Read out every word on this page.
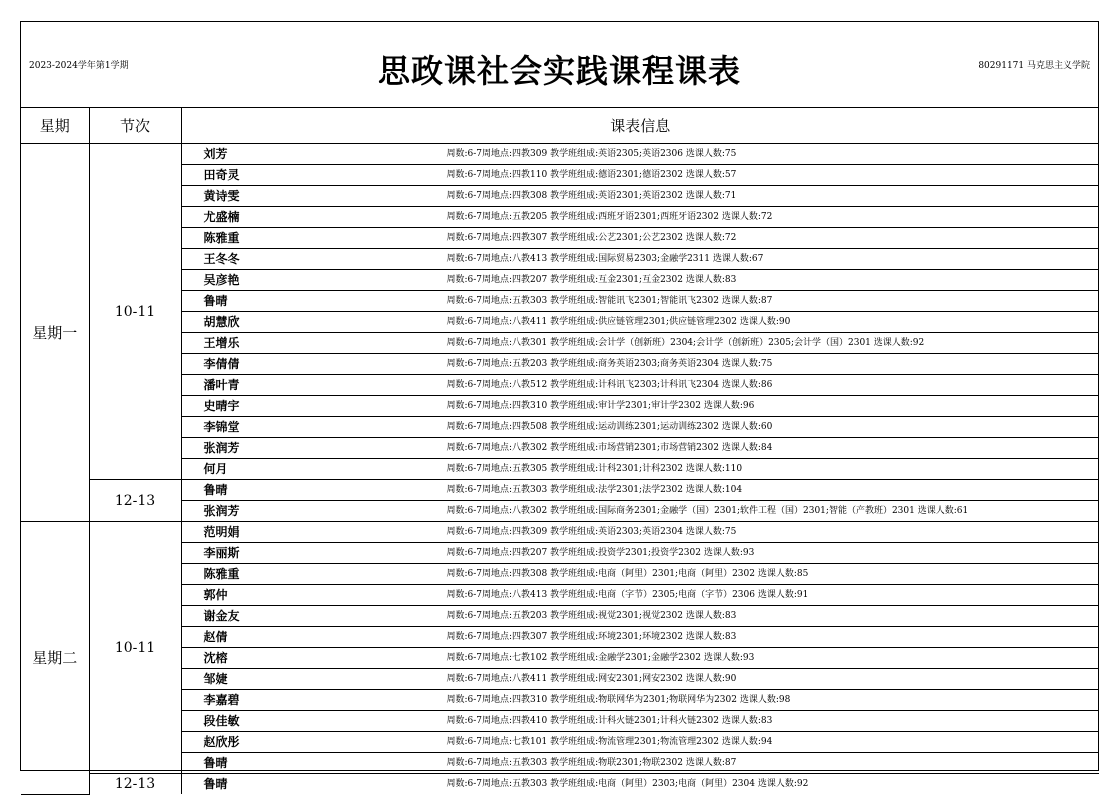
2023-2024学年第1学期	思政课社会实践课程课表	80291171 马克思主义学院
星期	节次	课表信息
星期一	10-11	刘芳 周数:6-7周地点:四教309 教学班组成:英语2305;英语2306 选课人数:75
		田奇灵 周数:6-7周地点:四教110 教学班组成:德语2301;德语2302 选课人数:57
		黄诗雯 周数:6-7周地点:四教308 教学班组成:英语2301;英语2302 选课人数:71
		尤盛楠 周数:6-7周地点:五教205 教学班组成:西班牙语2301;西班牙语2302 选课人数:72
		陈雅重 周数:6-7周地点:四教307 教学班组成:公艺2301;公艺2302 选课人数:72
		王冬冬 周数:6-7周地点:八教413 教学班组成:国际贸易2303;金融学2311 选课人数:67
		吴彦艳 周数:6-7周地点:四教207 教学班组成:互金2301;互金2302 选课人数:83
		鲁晴 周数:6-7周地点:五教303 教学班组成:智能讯飞2301;智能讯飞2302 选课人数:87
		胡慧欣 周数:6-7周地点:八教411 教学班组成:供应链管理2301;供应链管理2302 选课人数:90
		王增乐 周数:6-7周地点:八教301 教学班组成:会计学（创新班）2304;会计学（创新班）2305;会计学（国）2301 选课人数:92
		李倩倩 周数:6-7周地点:五教203 教学班组成:商务英语2303;商务英语2304 选课人数:75
		潘叶青 周数:6-7周地点:八教512 教学班组成:计科讯飞2303;计科讯飞2304 选课人数:86
		史晴宇 周数:6-7周地点:四教310 教学班组成:审计学2301;审计学2302 选课人数:96
		李锦堂 周数:6-7周地点:四教508 教学班组成:运动训练2301;运动训练2302 选课人数:60
		张润芳 周数:6-7周地点:八教302 教学班组成:市场营销2301;市场营销2302 选课人数:84
		何月 周数:6-7周地点:五教305 教学班组成:计科2301;计科2302 选课人数:110
	12-13	鲁晴 周数:6-7周地点:五教303 教学班组成:法学2301;法学2302 选课人数:104
		张润芳 周数:6-7周地点:八教302 教学班组成:国际商务2301;金融学（国）2301;软件工程（国）2301;智能（产教班）2301 选课人数:61
星期二	10-11	范明娟 周数:6-7周地点:四教309 教学班组成:英语2303;英语2304 选课人数:75
		李丽斯 周数:6-7周地点:四教207 教学班组成:投资学2301;投资学2302 选课人数:93
		陈雅重 周数:6-7周地点:四教308 教学班组成:电商（阿里）2301;电商（阿里）2302 选课人数:85
		郭仲 周数:6-7周地点:八教413 教学班组成:电商（字节）2305;电商（字节）2306 选课人数:91
		谢金友 周数:6-7周地点:五教203 教学班组成:视觉2301;视觉2302 选课人数:83
		赵倩 周数:6-7周地点:四教307 教学班组成:环境2301;环境2302 选课人数:83
		沈榕 周数:6-7周地点:七教102 教学班组成:金融学2301;金融学2302 选课人数:93
		邹婕 周数:6-7周地点:八教411 教学班组成:网安2301;网安2302 选课人数:90
		李嘉碧 周数:6-7周地点:四教310 教学班组成:物联网华为2301;物联网华为2302 选课人数:98
		段佳敏 周数:6-7周地点:四教410 教学班组成:计科火链2301;计科火链2302 选课人数:83
		赵欣彤 周数:6-7周地点:七教101 教学班组成:物流管理2301;物流管理2302 选课人数:94
		鲁晴 周数:6-7周地点:五教303 教学班组成:物联2301;物联2302 选课人数:87
	12-13	鲁晴 周数:6-7周地点:五教303 教学班组成:电商（阿里）2303;电商（阿里）2304 选课人数:92
